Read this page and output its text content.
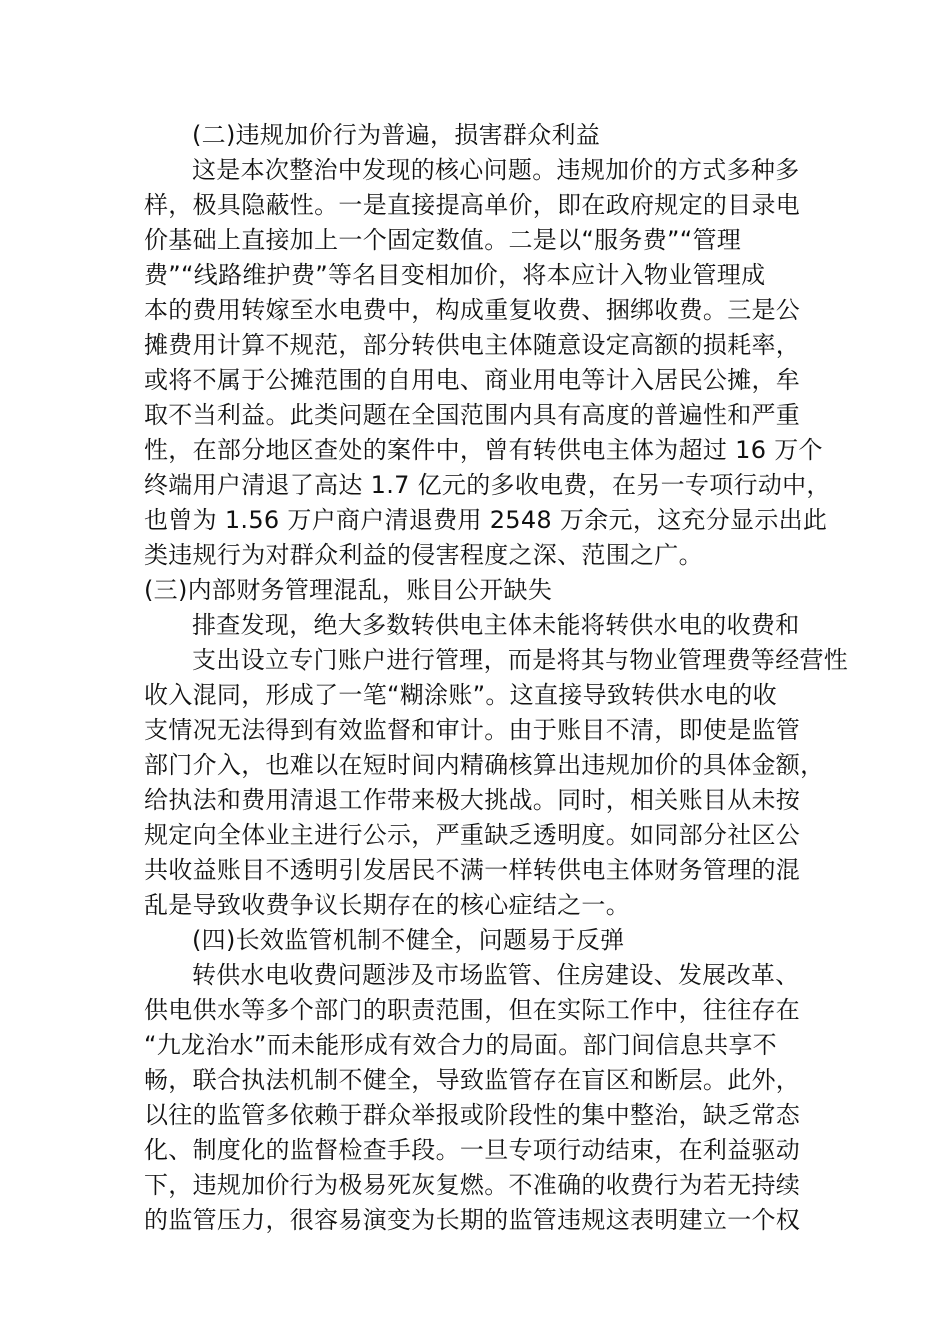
(二)违规加价行为普遍，损害群众利益
这是本次整治中发现的核心问题。违规加价的方式多种多
样，极具隐蔽性。一是直接提高单价，即在政府规定的目录电
价基础上直接加上一个固定数值。二是以“服务费”“管理
费”“线路维护费”等名目变相加价，将本应计入物业管理成
本的费用转嫁至水电费中，构成重复收费、捆绑收费。三是公
摊费用计算不规范，部分转供电主体随意设定高额的损耗率，
或将不属于公摊范围的自用电、商业用电等计入居民公摊，牟
取不当利益。此类问题在全国范围内具有高度的普遍性和严重
性，在部分地区查处的案件中，曾有转供电主体为超过 16 万个
终端用户清退了高达 1.7 亿元的多收电费，在另一专项行动中，
也曾为 1.56 万户商户清退费用 2548 万余元，这充分显示出此
类违规行为对群众利益的侵害程度之深、范围之广。
(三)内部财务管理混乱，账目公开缺失
排查发现，绝大多数转供电主体未能将转供水电的收费和
支出设立专门账户进行管理，而是将其与物业管理费等经营性
收入混同，形成了一笔“糊涂账”。这直接导致转供水电的收
支情况无法得到有效监督和审计。由于账目不清，即使是监管
部门介入，也难以在短时间内精确核算出违规加价的具体金额，
给执法和费用清退工作带来极大挑战。同时，相关账目从未按
规定向全体业主进行公示，严重缺乏透明度。如同部分社区公
共收益账目不透明引发居民不满一样转供电主体财务管理的混
乱是导致收费争议长期存在的核心症结之一。
(四)长效监管机制不健全，问题易于反弹
转供水电收费问题涉及市场监管、住房建设、发展改革、
供电供水等多个部门的职责范围，但在实际工作中，往往存在
“九龙治水”而未能形成有效合力的局面。部门间信息共享不
畅，联合执法机制不健全，导致监管存在盲区和断层。此外，
以往的监管多依赖于群众举报或阶段性的集中整治，缺乏常态
化、制度化的监督检查手段。一旦专项行动结束，在利益驱动
下，违规加价行为极易死灰复燃。不准确的收费行为若无持续
的监管压力，很容易演变为长期的监管违规这表明建立一个权
